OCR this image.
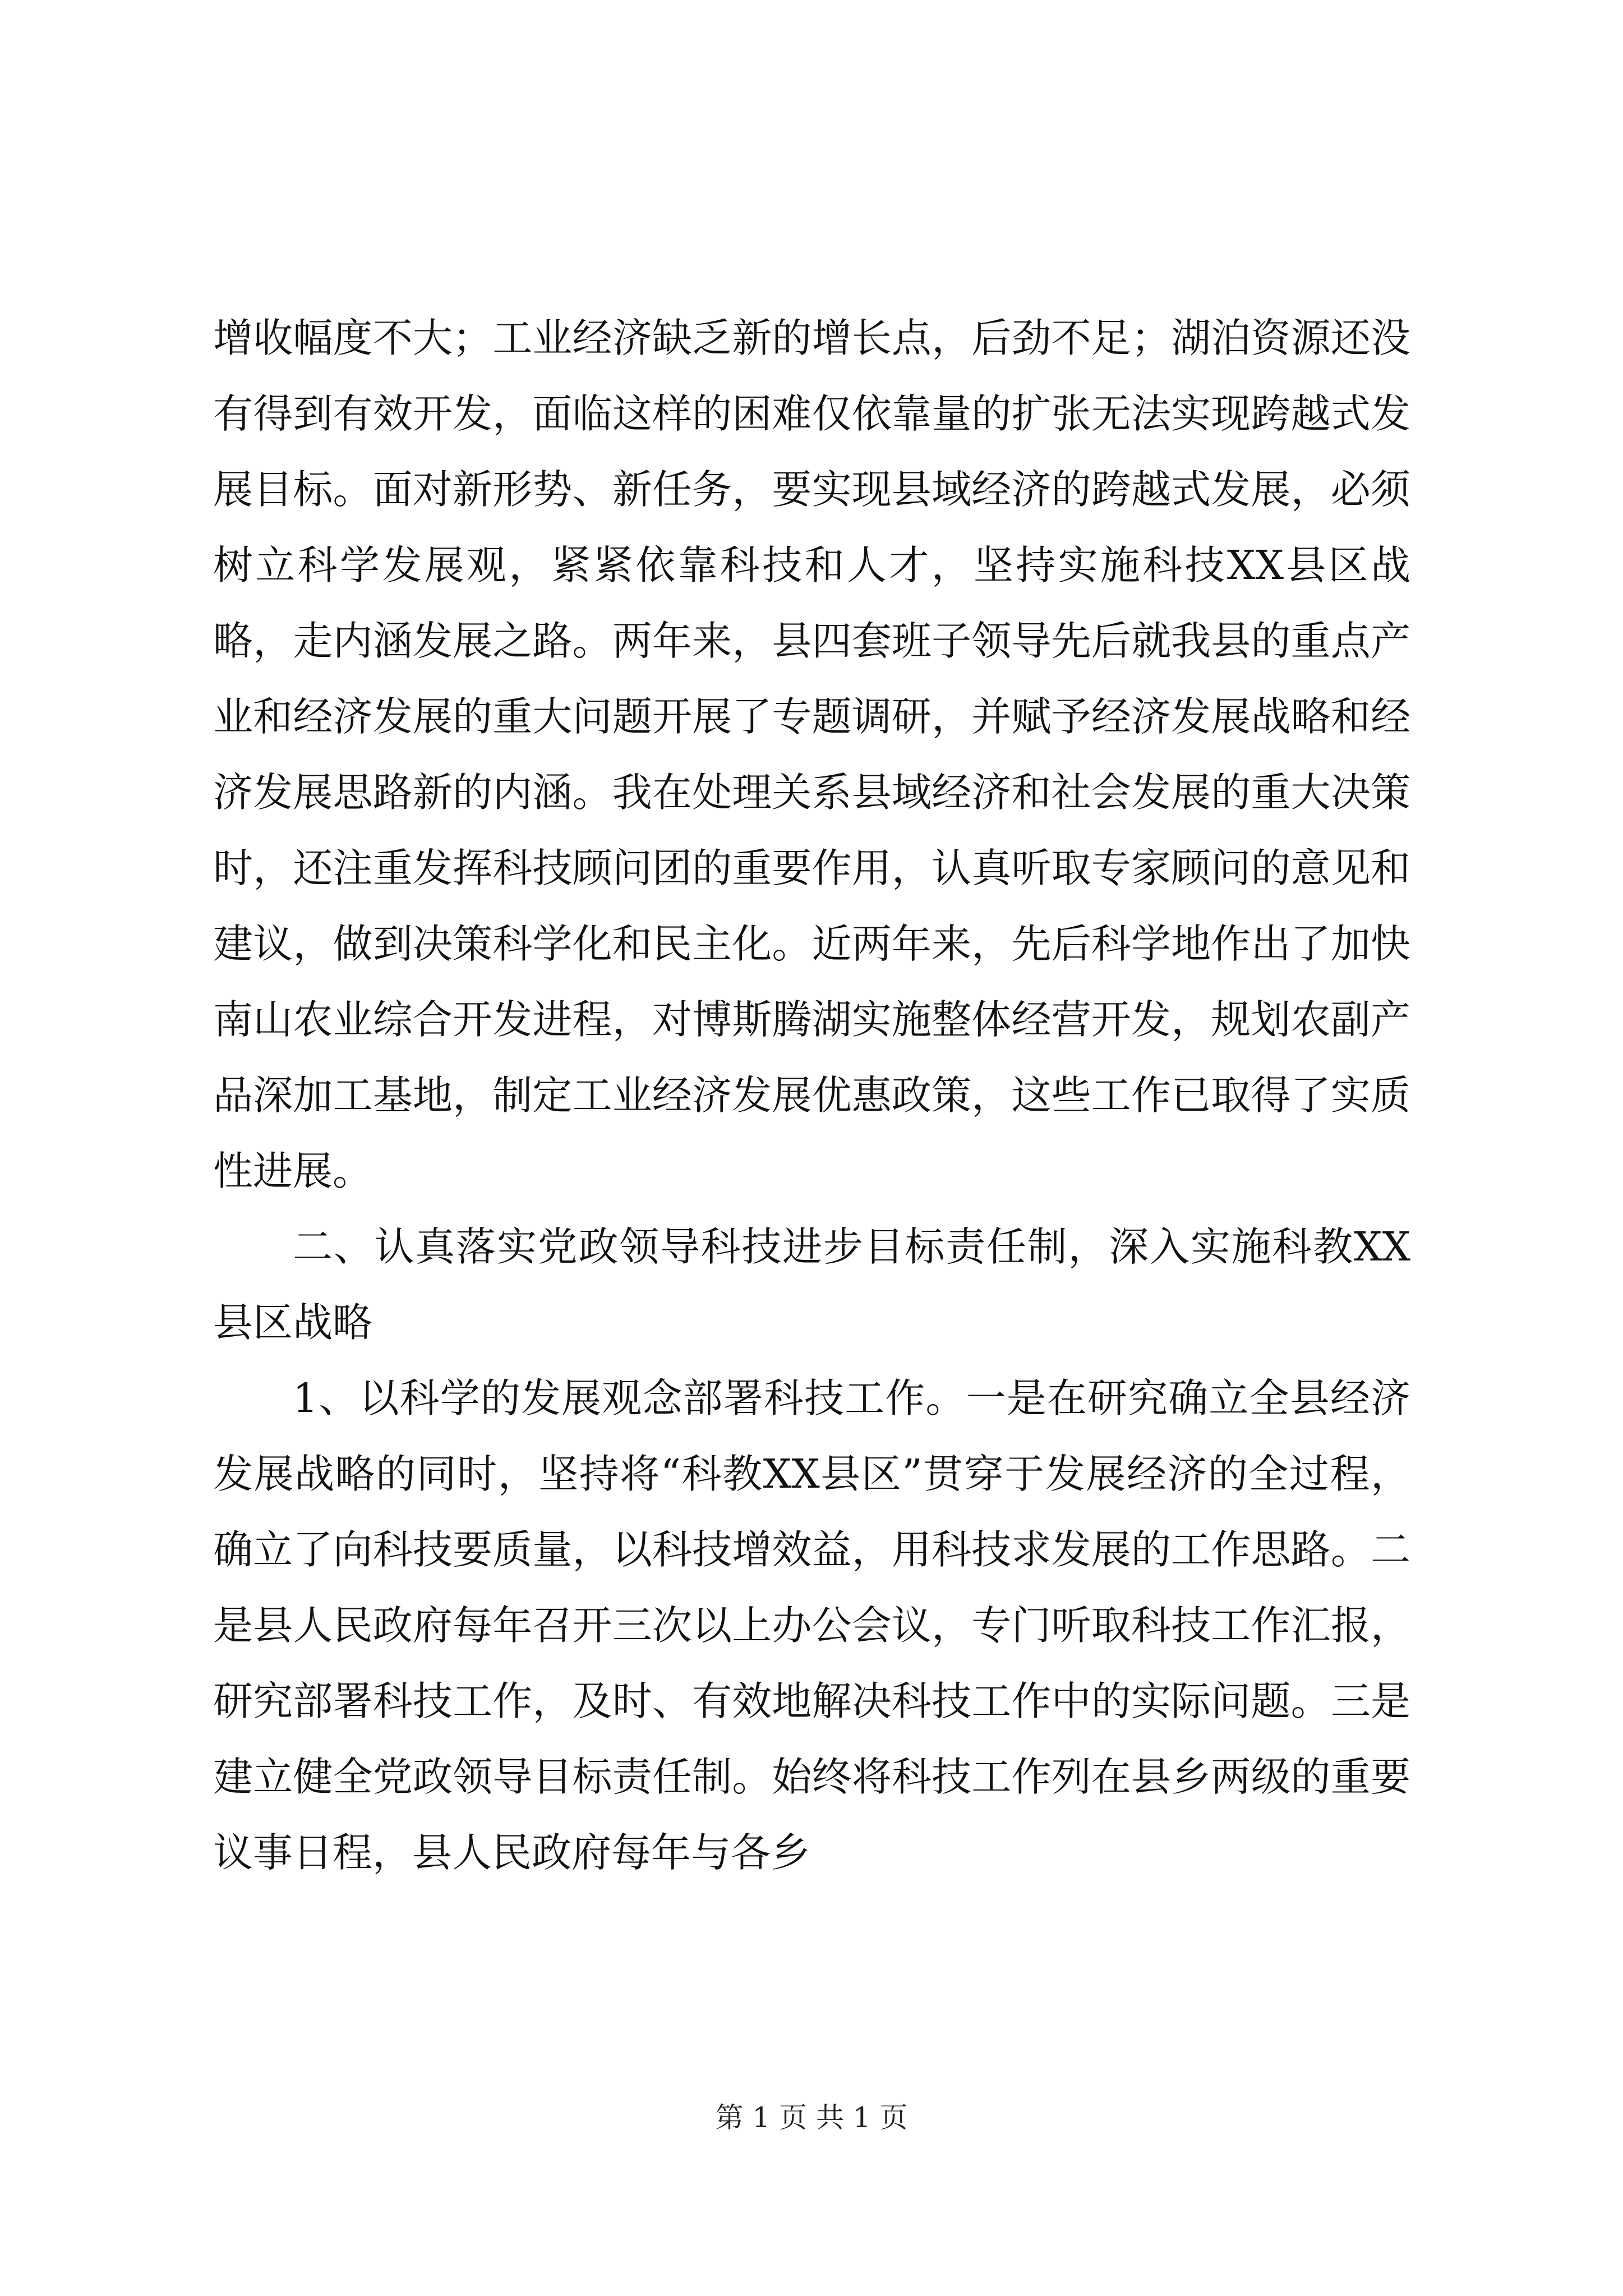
增收幅度不大；工业经济缺乏新的增长点，后劲不足；湖泊资源还没有得到有效开发，面临这样的困难仅依靠量的扩张无法实现跨越式发展目标。面对新形势、新任务，要实现县域经济的跨越式发展，必须树立科学发展观，紧紧依靠科技和人才，坚持实施科技XX县区战略，走内涵发展之路。两年来，县四套班子领导先后就我县的重点产业和经济发展的重大问题开展了专题调研，并赋予经济发展战略和经济发展思路新的内涵。我在处理关系县域经济和社会发展的重大决策时，还注重发挥科技顾问团的重要作用，认真听取专家顾问的意见和建议，做到决策科学化和民主化。近两年来，先后科学地作出了加快南山农业综合开发进程，对博斯腾湖实施整体经营开发，规划农副产品深加工基地，制定工业经济发展优惠政策，这些工作已取得了实质性进展。

二、认真落实党政领导科技进步目标责任制，深入实施科教XX县区战略

1、以科学的发展观念部署科技工作。一是在研究确立全县经济发展战略的同时，坚持将“科教XX县区”贯穿于发展经济的全过程，确立了向科技要质量，以科技增效益，用科技求发展的工作思路。二是县人民政府每年召开三次以上办公会议，专门听取科技工作汇报，研究部署科技工作，及时、有效地解决科技工作中的实际问题。三是建立健全党政领导目标责任制。始终将科技工作列在县乡两级的重要议事日程，县人民政府每年与各乡

第 1 页 共 1 页
